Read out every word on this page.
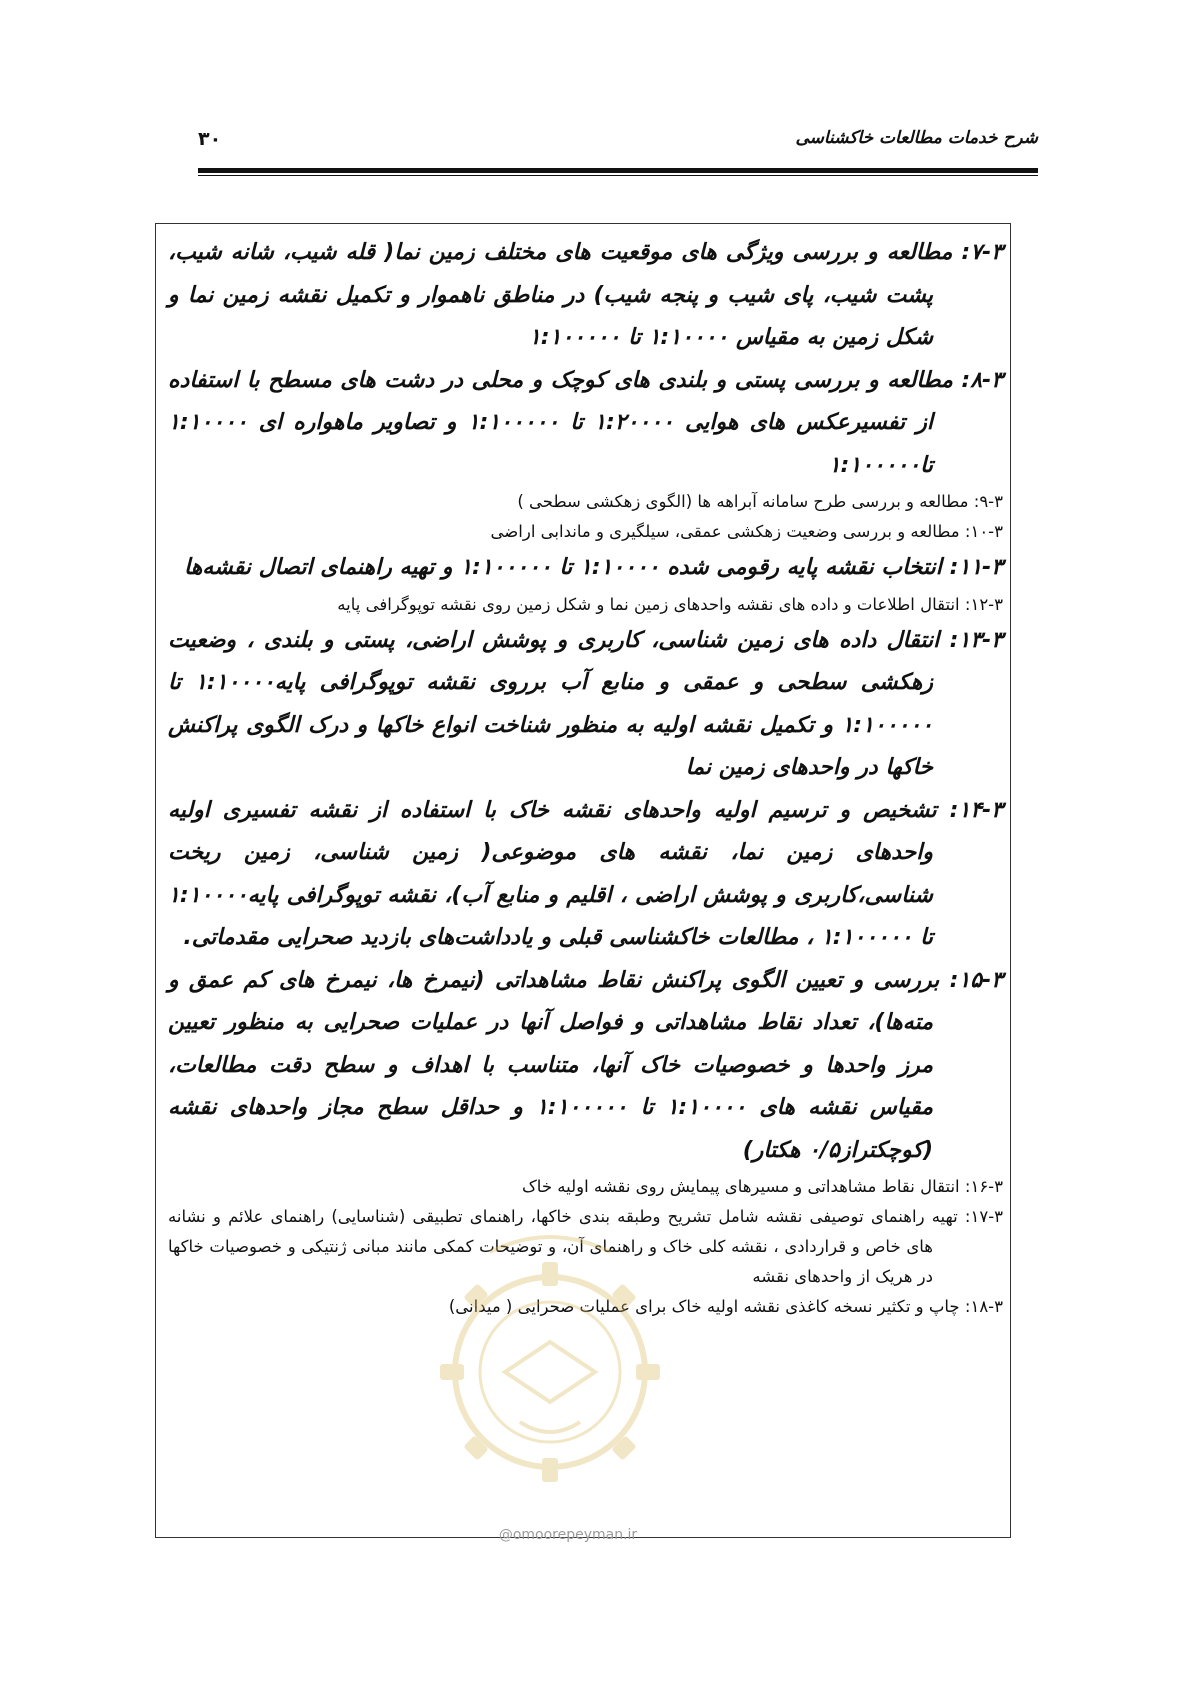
شرح خدمات مطالعات خاکشناسی
۳۰
۷-۳: مطالعه و بررسی ویژگی های موقعیت های مختلف زمین نما( قله شیب، شانه شیب، پشت شیب، پای شیب و پنجه شیب) در مناطق ناهموار و تکمیل نقشه زمین نما و شکل زمین به مقیاس ۱:۱۰۰۰۰ تا ۱:۱۰۰۰۰۰
۸-۳: مطالعه و بررسی پستی و بلندی های کوچک و محلی در دشت های مسطح با استفاده از تفسیرعکس های هوایی ۱:۲۰۰۰۰ تا ۱:۱۰۰۰۰۰ و تصاویر ماهواره ای ۱:۱۰۰۰۰ تا۱:۱۰۰۰۰۰
۹-۳: مطالعه و بررسی طرح سامانه آبراهه ها (الگوی زهکشی سطحی )
۱۰-۳: مطالعه و بررسی وضعیت زهکشی عمقی، سیلگیری و ماندابی اراضی
۱۱-۳: انتخاب نقشه پایه رقومی شده ۱:۱۰۰۰۰ تا ۱:۱۰۰۰۰۰ و تهیه راهنمای اتصال نقشه‌ها
۱۲-۳: انتقال اطلاعات و داده های نقشه واحدهای زمین نما و شکل زمین روی نقشه توپوگرافی پایه
۱۳-۳: انتقال داده های زمین شناسی، کاربری و پوشش اراضی، پستی و بلندی ، وضعیت زهکشی سطحی و عمقی و منابع آب برروی نقشه توپوگرافی پایه۱:۱۰۰۰۰ تا ۱:۱۰۰۰۰۰ و تکمیل نقشه اولیه به منظور شناخت انواع خاکها و درک الگوی پراکنش خاکها در واحدهای زمین نما
۱۴-۳: تشخیص و ترسیم اولیه واحدهای نقشه خاک با استفاده از نقشه تفسیری اولیه واحدهای زمین نما، نقشه های موضوعی( زمین شناسی، زمین ریخت شناسی،کاربری و پوشش اراضی ، اقلیم و منابع آب)، نقشه توپوگرافی پایه۱:۱۰۰۰۰ تا ۱:۱۰۰۰۰۰ ، مطالعات خاکشناسی قبلی و یادداشت‌های بازدید صحرایی مقدماتی.
۱۵-۳: بررسی و تعیین الگوی پراکنش نقاط مشاهداتی (نیمرخ ها، نیمرخ های کم عمق و مته‌ها)، تعداد نقاط مشاهداتی و فواصل آنها در عملیات صحرایی به منظور تعیین مرز واحدها و خصوصیات خاک آنها، متناسب با اهداف و سطح دقت مطالعات، مقیاس نقشه های ۱:۱۰۰۰۰ تا ۱:۱۰۰۰۰۰ و حداقل سطح مجاز واحدهای نقشه (کوچکتراز۰/۵ هکتار)
۱۶-۳: انتقال نقاط مشاهداتی و مسیرهای پیمایش روی نقشه اولیه خاک
۱۷-۳: تهیه راهنمای توصیفی نقشه شامل تشریح وطبقه بندی خاکها، راهنمای تطبیقی (شناسایی) راهنمای علائم و نشانه های خاص و قراردادی ، نقشه کلی خاک و راهنمای آن، و توضیحات کمکی مانند مبانی ژنتیکی و خصوصیات خاکها در هریک از واحدهای نقشه
۱۸-۳: چاپ و تکثیر نسخه کاغذی نقشه اولیه خاک برای عملیات صحرایی ( میدانی)
@omoorepeyman.ir
